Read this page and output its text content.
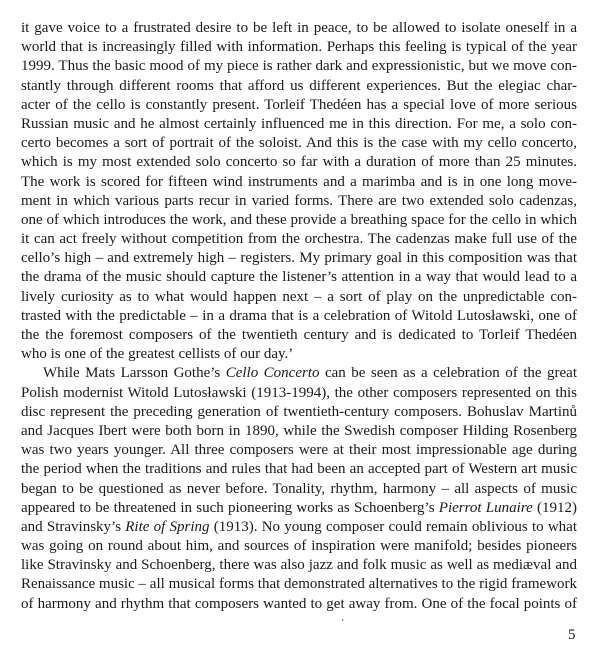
it gave voice to a frustrated desire to be left in peace, to be allowed to isolate oneself in a
world that is increasingly filled with information. Perhaps this feeling is typical of the year
1999. Thus the basic mood of my piece is rather dark and expressionistic, but we move con-
stantly through different rooms that afford us different experiences. But the elegiac char-
acter of the cello is constantly present. Torleif Thedéen has a special love of more serious
Russian music and he almost certainly influenced me in this direction. For me, a solo con-
certo becomes a sort of portrait of the soloist. And this is the case with my cello concerto,
which is my most extended solo concerto so far with a duration of more than 25 minutes.
The work is scored for fifteen wind instruments and a marimba and is in one long move-
ment in which various parts recur in varied forms. There are two extended solo cadenzas,
one of which introduces the work, and these provide a breathing space for the cello in which
it can act freely without competition from the orchestra. The cadenzas make full use of the
cello’s high – and extremely high – registers. My primary goal in this composition was that
the drama of the music should capture the listener’s attention in a way that would lead to a
lively curiosity as to what would happen next – a sort of play on the unpredictable con-
trasted with the predictable – in a drama that is a celebration of Witold Lutosławski, one of
the the foremost composers of the twentieth century and is dedicated to Torleif Thedéen
who is one of the greatest cellists of our day.’
While Mats Larsson Gothe’s Cello Concerto can be seen as a celebration of the great
Polish modernist Witold Lutosławski (1913-1994), the other composers represented on this
disc represent the preceding generation of twentieth-century composers. Bohuslav Martinů
and Jacques Ibert were both born in 1890, while the Swedish composer Hilding Rosenberg
was two years younger. All three composers were at their most impressionable age during
the period when the traditions and rules that had been an accepted part of Western art music
began to be questioned as never before. Tonality, rhythm, harmony – all aspects of music
appeared to be threatened in such pioneering works as Schoenberg’s Pierrot Lunaire (1912)
and Stravinsky’s Rite of Spring (1913). No young composer could remain oblivious to what
was going on round about him, and sources of inspiration were manifold; besides pioneers
like Stravinsky and Schoenberg, there was also jazz and folk music as well as mediæval and
Renaissance music – all musical forms that demonstrated alternatives to the rigid framework
of harmony and rhythm that composers wanted to get away from. One of the focal points of
’
5
